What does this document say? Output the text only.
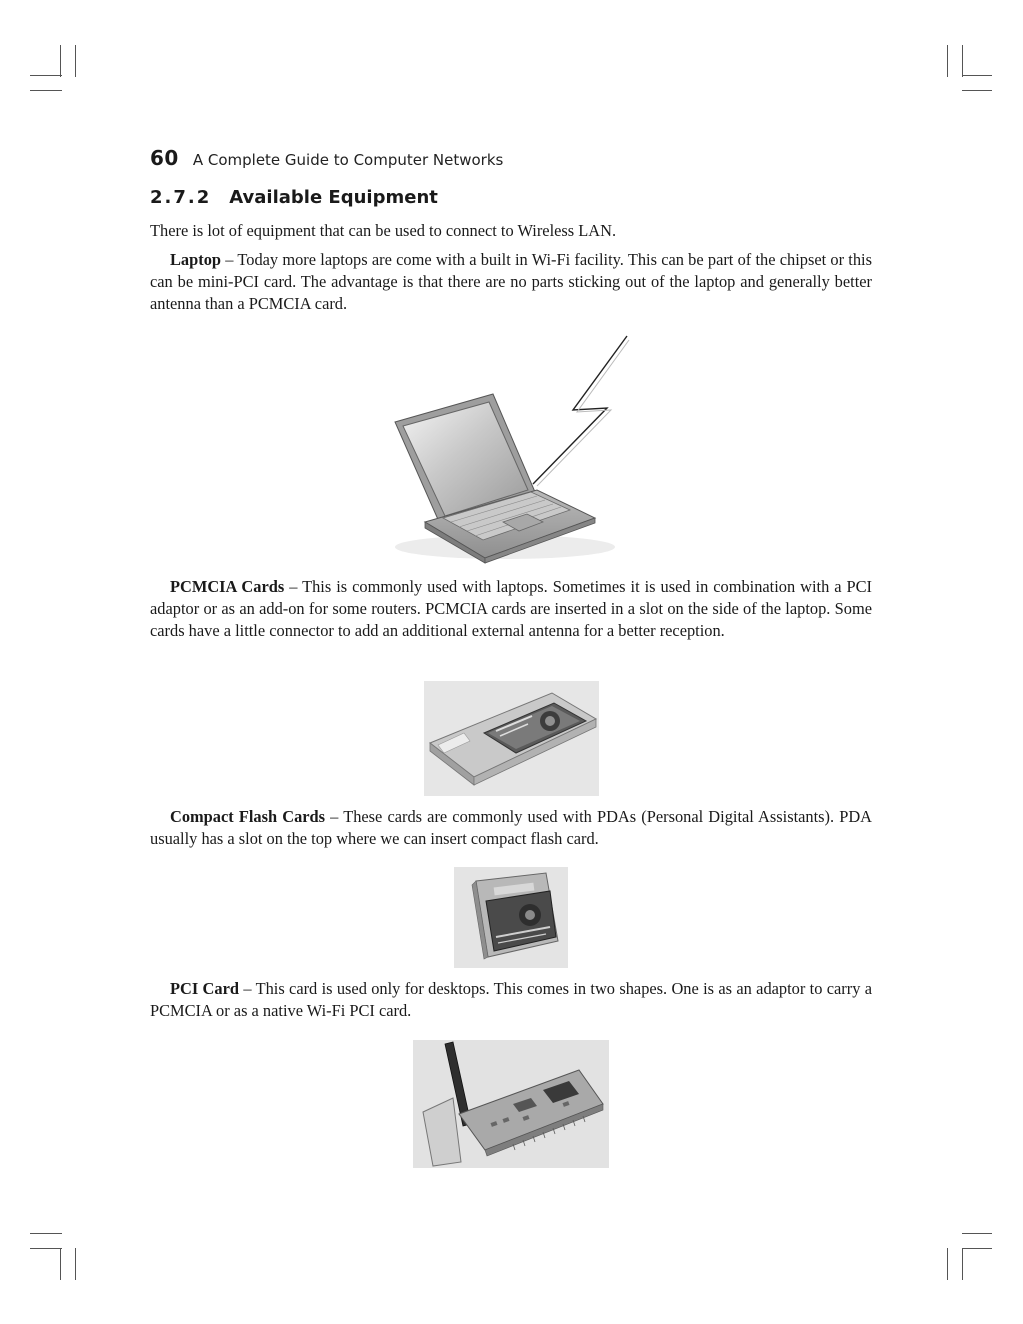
60 A Complete Guide to Computer Networks
2.7.2 Available Equipment

There is lot of equipment that can be used to connect to Wireless LAN.

Laptop – Today more laptops are come with a built in Wi-Fi facility. This can be part of the chipset or this can be mini-PCI card. The advantage is that there are no parts sticking out of the laptop and generally better antenna than a PCMCIA card.

PCMCIA Cards – This is commonly used with laptops. Sometimes it is used in combination with a PCI adaptor or as an add-on for some routers. PCMCIA cards are inserted in a slot on the side of the laptop. Some cards have a little connector to add an additional external antenna for a better reception.

Compact Flash Cards – These cards are commonly used with PDAs (Personal Digital Assistants). PDA usually has a slot on the top where we can insert compact flash card.

PCI Card – This card is used only for desktops. This comes in two shapes. One is as an adaptor to carry a PCMCIA or as a native Wi-Fi PCI card.
